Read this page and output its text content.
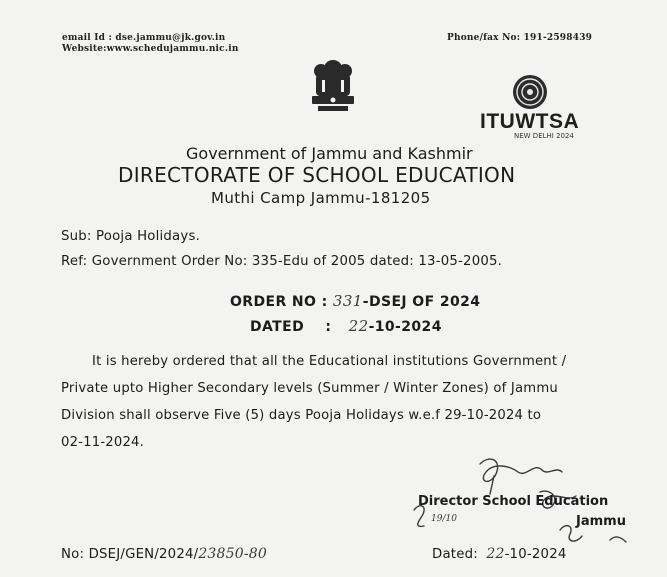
email Id : dse.jammu@jk.gov.in
Website:www.schedujammu.nic.in
Phone/fax No: 191-2598439
ITUWTSA
NEW DELHI 2024
Government of Jammu and Kashmir
DIRECTORATE OF SCHOOL EDUCATION
Muthi Camp Jammu-181205
Sub: Pooja Holidays.
Ref: Government Order No: 335-Edu of 2005 dated: 13-05-2005.
ORDER NO : 331-DSEJ OF 2024
DATED : 22-10-2024
It is hereby ordered that all the Educational institutions Government /
Private upto Higher Secondary levels (Summer / Winter Zones) of Jammu
Division shall observe Five (5) days Pooja Holidays w.e.f 29-10-2024 to
02-11-2024.
19/10
Director School Education
Jammu
No: DSEJ/GEN/2024/23850-80	Dated: 22-10-2024
